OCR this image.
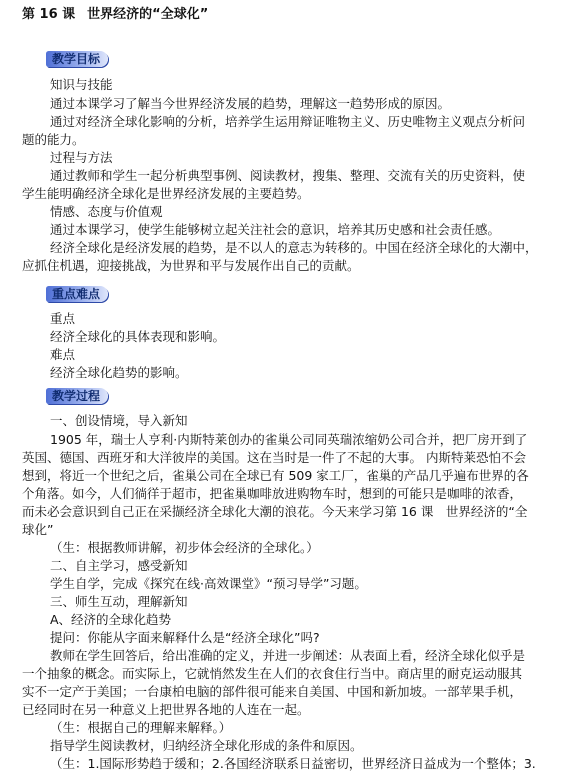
第 16 课 世界经济的“全球化”
教学目标
知识与技能
通过本课学习了解当今世界经济发展的趋势，理解这一趋势形成的原因。
通过对经济全球化影响的分析，培养学生运用辩证唯物主义、历史唯物主义观点分析问
题的能力。
过程与方法
通过教师和学生一起分析典型事例、阅读教材，搜集、整理、交流有关的历史资料，使
学生能明确经济全球化是世界经济发展的主要趋势。
情感、态度与价值观
通过本课学习，使学生能够树立起关注社会的意识，培养其历史感和社会责任感。
经济全球化是经济发展的趋势，是不以人的意志为转移的。中国在经济全球化的大潮中，
应抓住机遇，迎接挑战，为世界和平与发展作出自己的贡献。
重点难点
重点
经济全球化的具体表现和影响。
难点
经济全球化趋势的影响。
教学过程
一、创设情境，导入新知
1905 年，瑞士人亨利·内斯特莱创办的雀巢公司同英瑞浓缩奶公司合并，把厂房开到了
英国、德国、西班牙和大洋彼岸的美国。这在当时是一件了不起的大事。 内斯特莱恐怕不会
想到，将近一个世纪之后，雀巢公司在全球已有 509 家工厂，雀巢的产品几乎遍布世界的各
个角落。如今，人们徜徉于超市，把雀巢咖啡放进购物车时，想到的可能只是咖啡的浓香，
而未必会意识到自己正在采撷经济全球化大潮的浪花。今天来学习第 16 课　世界经济的“全
球化”
（生：根据教师讲解，初步体会经济的全球化。）
二、自主学习，感受新知
学生自学，完成《探究在线·高效课堂》“预习导学”习题。
三、师生互动，理解新知
A、经济的全球化趋势
提问：你能从字面来解释什么是“经济全球化”吗?
教师在学生回答后，给出准确的定义，并进一步阐述：从表面上看，经济全球化似乎是
一个抽象的概念。而实际上，它就悄然发生在人们的衣食住行当中。商店里的耐克运动服其
实不一定产于美国；一台康柏电脑的部件很可能来自美国、中国和新加坡。一部苹果手机，
已经同时在另一种意义上把世界各地的人连在一起。
（生：根据自己的理解来解释。）
指导学生阅读教材，归纳经济全球化形成的条件和原因。
（生：1.国际形势趋于缓和；2.各国经济联系日益密切，世界经济日益成为一个整体；3.
